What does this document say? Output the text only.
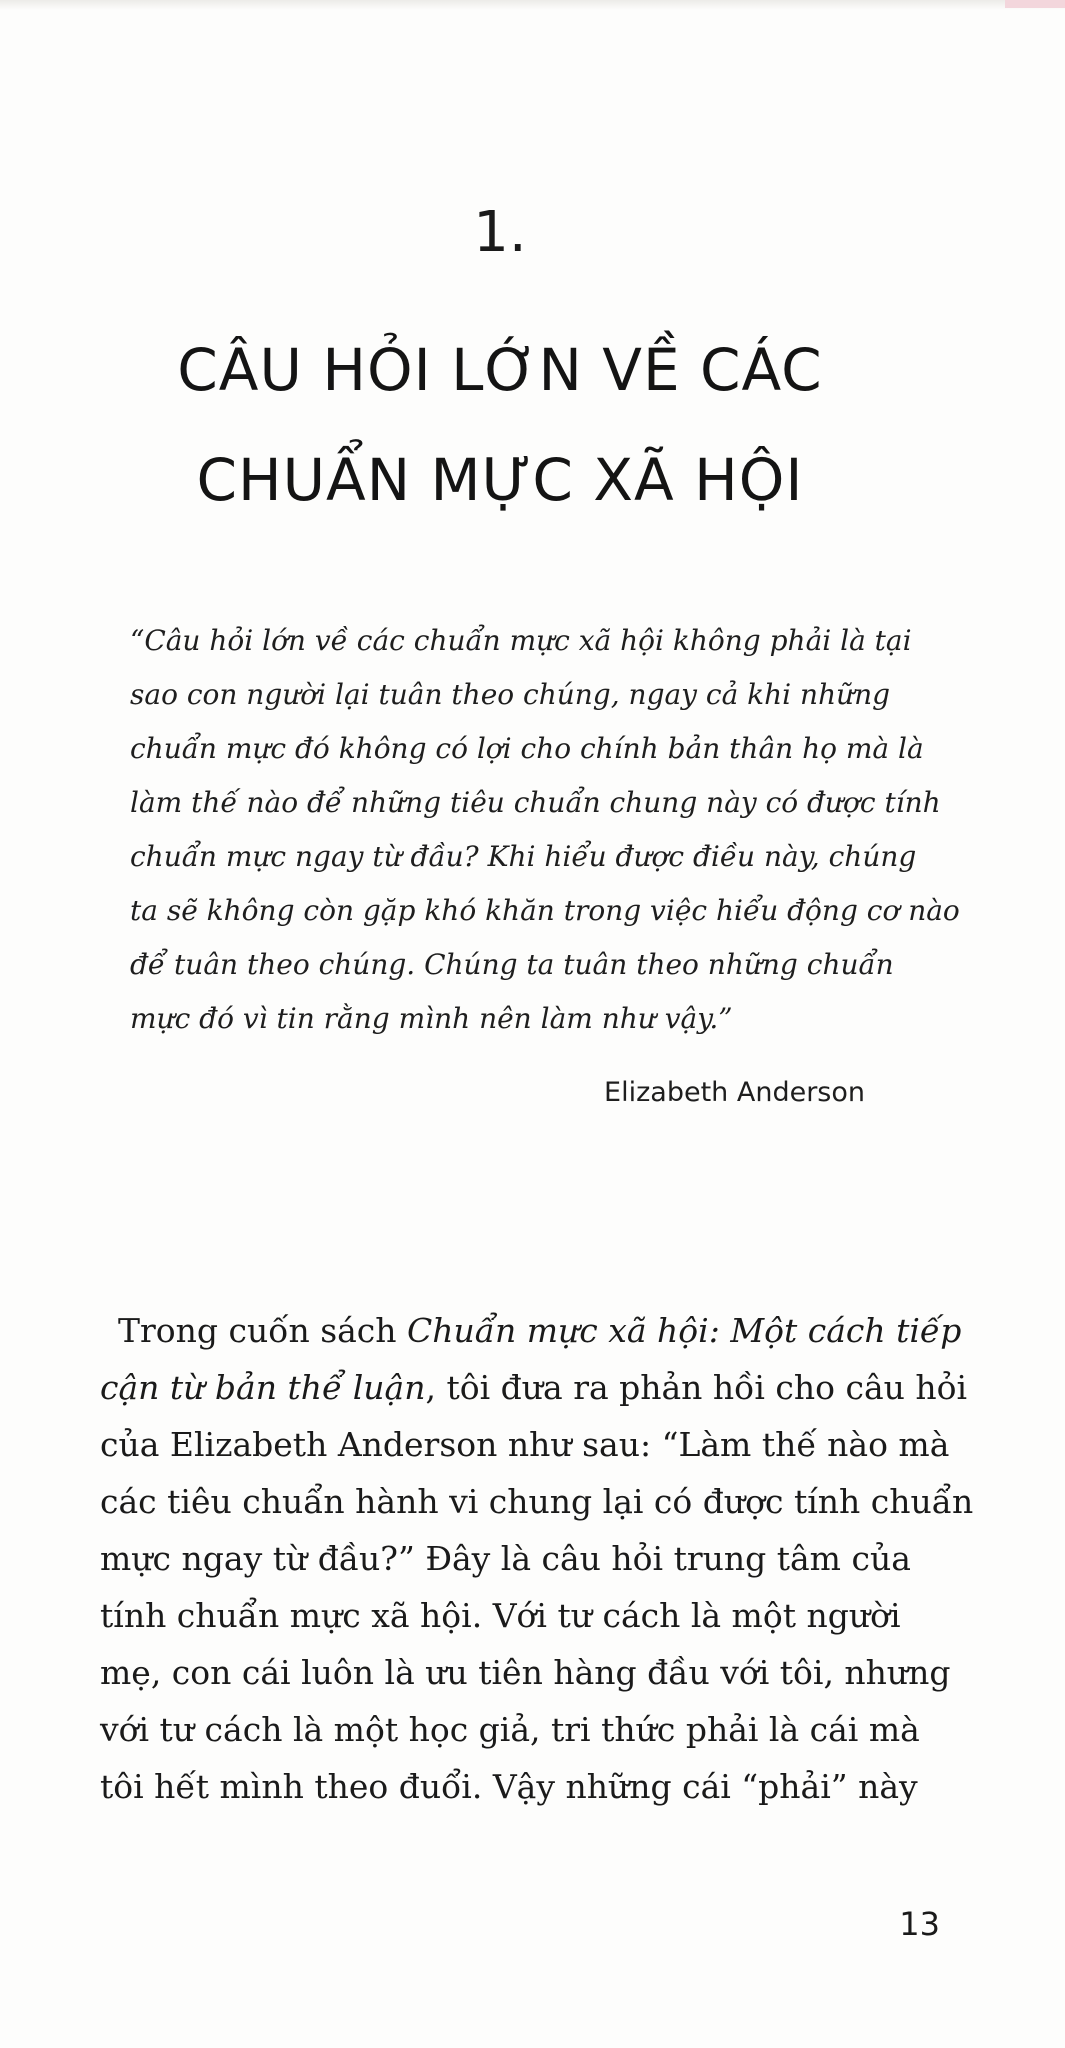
1.
CÂU HỎI LỚN VỀ CÁC
CHUẨN MỰC XÃ HỘI
“Câu hỏi lớn về các chuẩn mực xã hội không phải là tại
sao con người lại tuân theo chúng, ngay cả khi những
chuẩn mực đó không có lợi cho chính bản thân họ mà là
làm thế nào để những tiêu chuẩn chung này có được tính
chuẩn mực ngay từ đầu? Khi hiểu được điều này, chúng
ta sẽ không còn gặp khó khăn trong việc hiểu động cơ nào
để tuân theo chúng. Chúng ta tuân theo những chuẩn
mực đó vì tin rằng mình nên làm như vậy.”
Elizabeth Anderson
Trong cuốn sách Chuẩn mực xã hội: Một cách tiếp
cận từ bản thể luận, tôi đưa ra phản hồi cho câu hỏi
của Elizabeth Anderson như sau: “Làm thế nào mà
các tiêu chuẩn hành vi chung lại có được tính chuẩn
mực ngay từ đầu?” Đây là câu hỏi trung tâm của
tính chuẩn mực xã hội. Với tư cách là một người
mẹ, con cái luôn là ưu tiên hàng đầu với tôi, nhưng
với tư cách là một học giả, tri thức phải là cái mà
tôi hết mình theo đuổi. Vậy những cái “phải” này
13
